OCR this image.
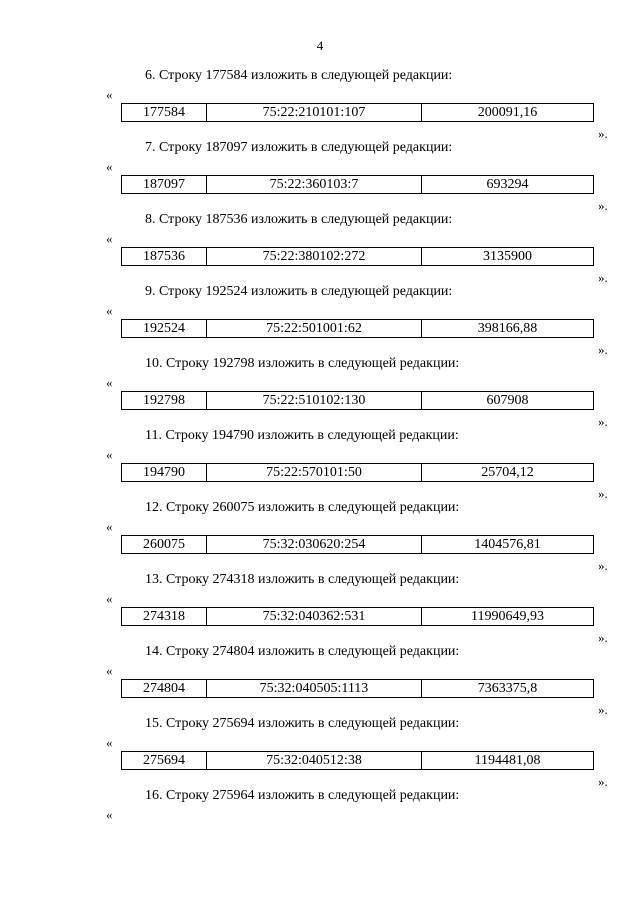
4
6. Строку 177584 изложить в следующей редакции:
«
177584	75:22:210101:107	200091,16
».
7. Строку 187097 изложить в следующей редакции:
«
187097	75:22:360103:7	693294
».
8. Строку 187536 изложить в следующей редакции:
«
187536	75:22:380102:272	3135900
».
9. Строку 192524 изложить в следующей редакции:
«
192524	75:22:501001:62	398166,88
».
10. Строку 192798 изложить в следующей редакции:
«
192798	75:22:510102:130	607908
».
11. Строку 194790 изложить в следующей редакции:
«
194790	75:22:570101:50	25704,12
».
12. Строку 260075 изложить в следующей редакции:
«
260075	75:32:030620:254	1404576,81
».
13. Строку 274318 изложить в следующей редакции:
«
274318	75:32:040362:531	11990649,93
».
14. Строку 274804 изложить в следующей редакции:
«
274804	75:32:040505:1113	7363375,8
».
15. Строку 275694 изложить в следующей редакции:
«
275694	75:32:040512:38	1194481,08
».
16. Строку 275964 изложить в следующей редакции:
«
